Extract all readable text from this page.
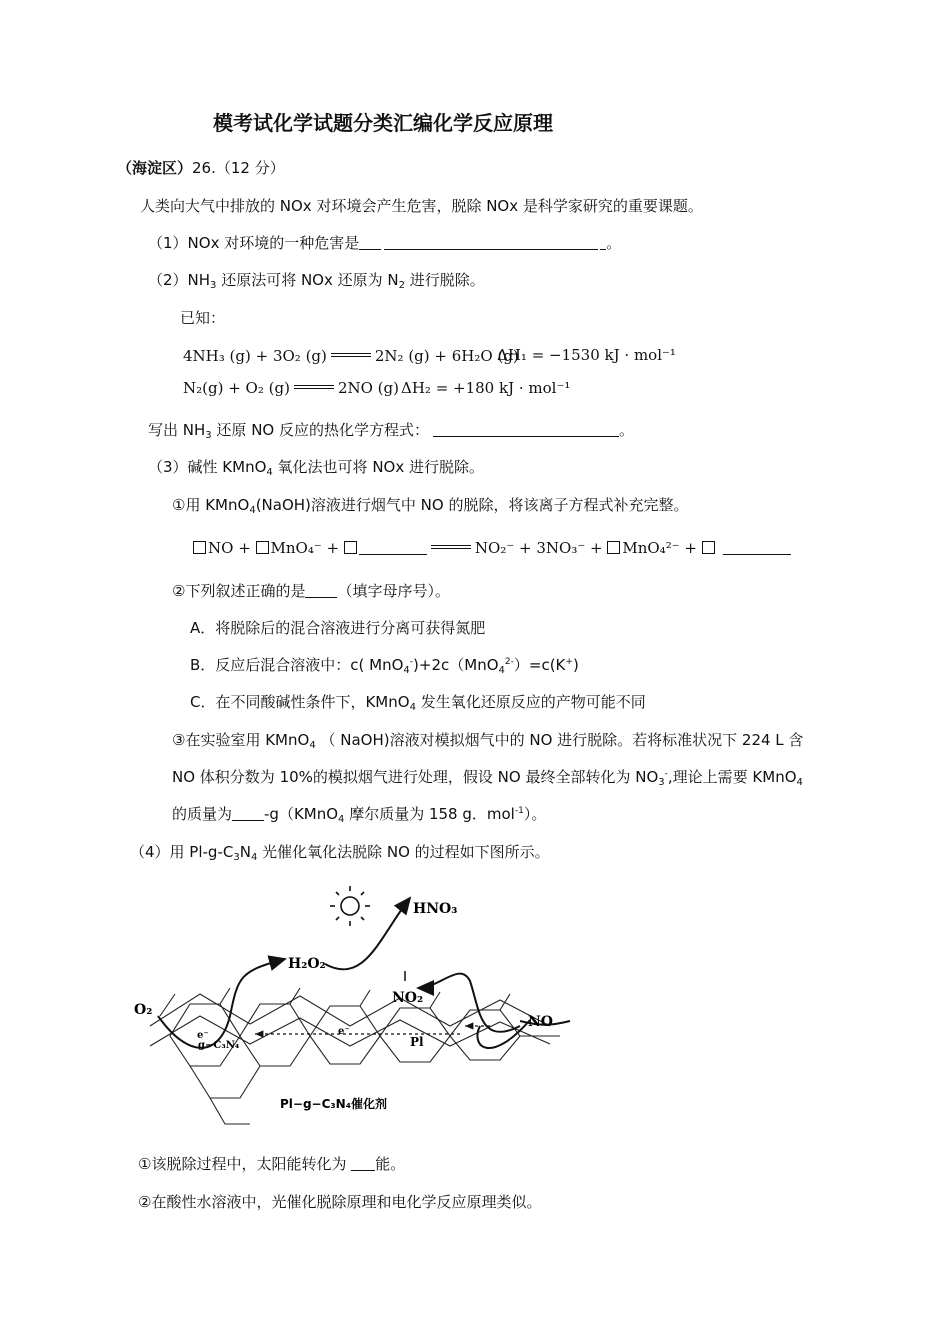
模考试化学试题分类汇编化学反应原理
（海淀区）26.（12 分）
人类向大气中排放的 NOx 对环境会产生危害，脱除 NOx 是科学家研究的重要课题。
（1）NOx 对环境的一种危害是	。
$(2)NH_3$ 还原法可将 NOx 还原为 $N_2$ 进行脱除。
已知：
4NH₃ (g) + 3O₂ (g)	2N₂ (g) + 6H₂O (g)
ΔH₁ = −1530 kJ · mol⁻¹
N₂(g) + O₂ (g)	2NO (g) ΔH₂ = +180 kJ · mol⁻¹
写出 $NH_3$ 还原 NO 反应的热化学方程式：	。
（3）碱性 KMnO$_4$ 氧化法也可将 NOx 进行脱除。
①用 KMnO$_4$(NaOH)溶液进行烟气中 NO 的脱除，将该离子方程式补充完整。
NO + MnO₄⁻ +	NO₂⁻ + 3NO₃⁻ + MnO₄²⁻ +
②下列叙述正确的是 （填字母序号）。
A．将脱除后的混合溶液进行分离可获得氮肥
B．反应后混合溶液中：c( MnO$_4$-)+2c（MnO$_4^{2-}$）=c(K+)
C．在不同酸碱性条件下，KMnO$_4$ 发生氧化还原反应的产物可能不同
③在实验室用 KMnO$_4$ （ NaOH)溶液对模拟烟气中的 NO 进行脱除。若将标准状况下 224 L 含
NO 体积分数为 10%的模拟烟气进行处理，假设 NO 最终全部转化为 $NO_3^-$,理论上需要 KMnO$_4$
的质量为 -g（KMnO$_4$ 摩尔质量为 158 g．mol$^{-1}$）。
（4）用 $Pl-g-C_3N_4$ 光催化氧化法脱除 NO 的过程如下图所示。
HNO₃
H₂O₂
NO₂
NO
O₂
e⁻	e⁻
g−C₃N₄	Pl
Pl−g−C₃N₄催化剂
①该脱除过程中，太阳能转化为 能。
②在酸性水溶液中，光催化脱除原理和电化学反应原理类似。
